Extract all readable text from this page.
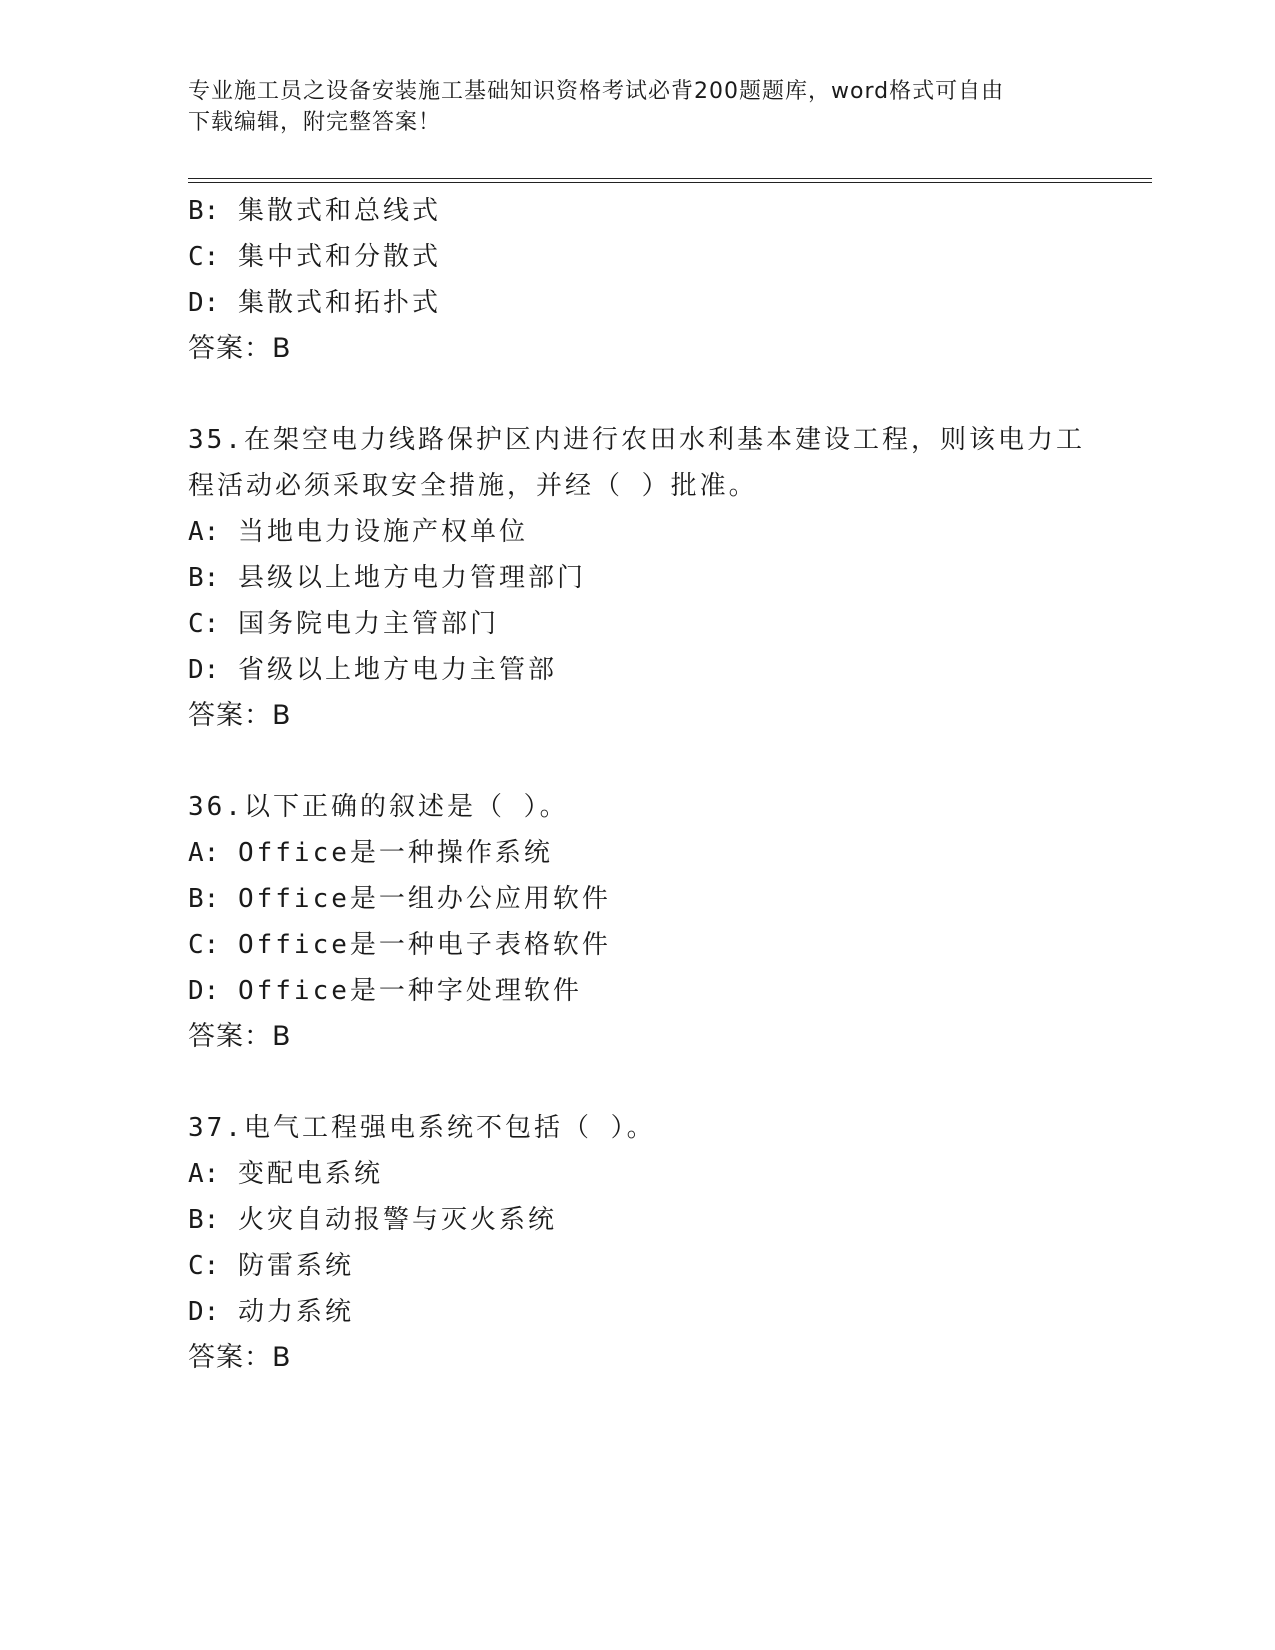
专业施工员之设备安装施工基础知识资格考试必背200题题库，word格式可自由
下载编辑，附完整答案！
B: 集散式和总线式
C: 集中式和分散式
D: 集散式和拓扑式
答案：B
35.在架空电力线路保护区内进行农田水利基本建设工程，则该电力工
程活动必须采取安全措施，并经（ ）批准。
A: 当地电力设施产权单位
B: 县级以上地方电力管理部门
C: 国务院电力主管部门
D: 省级以上地方电力主管部
答案：B
36.以下正确的叙述是（ ）。
A: Office是一种操作系统
B: Office是一组办公应用软件
C: Office是一种电子表格软件
D: Office是一种字处理软件
答案：B
37.电气工程强电系统不包括（ ）。
A: 变配电系统
B: 火灾自动报警与灭火系统
C: 防雷系统
D: 动力系统
答案：B
